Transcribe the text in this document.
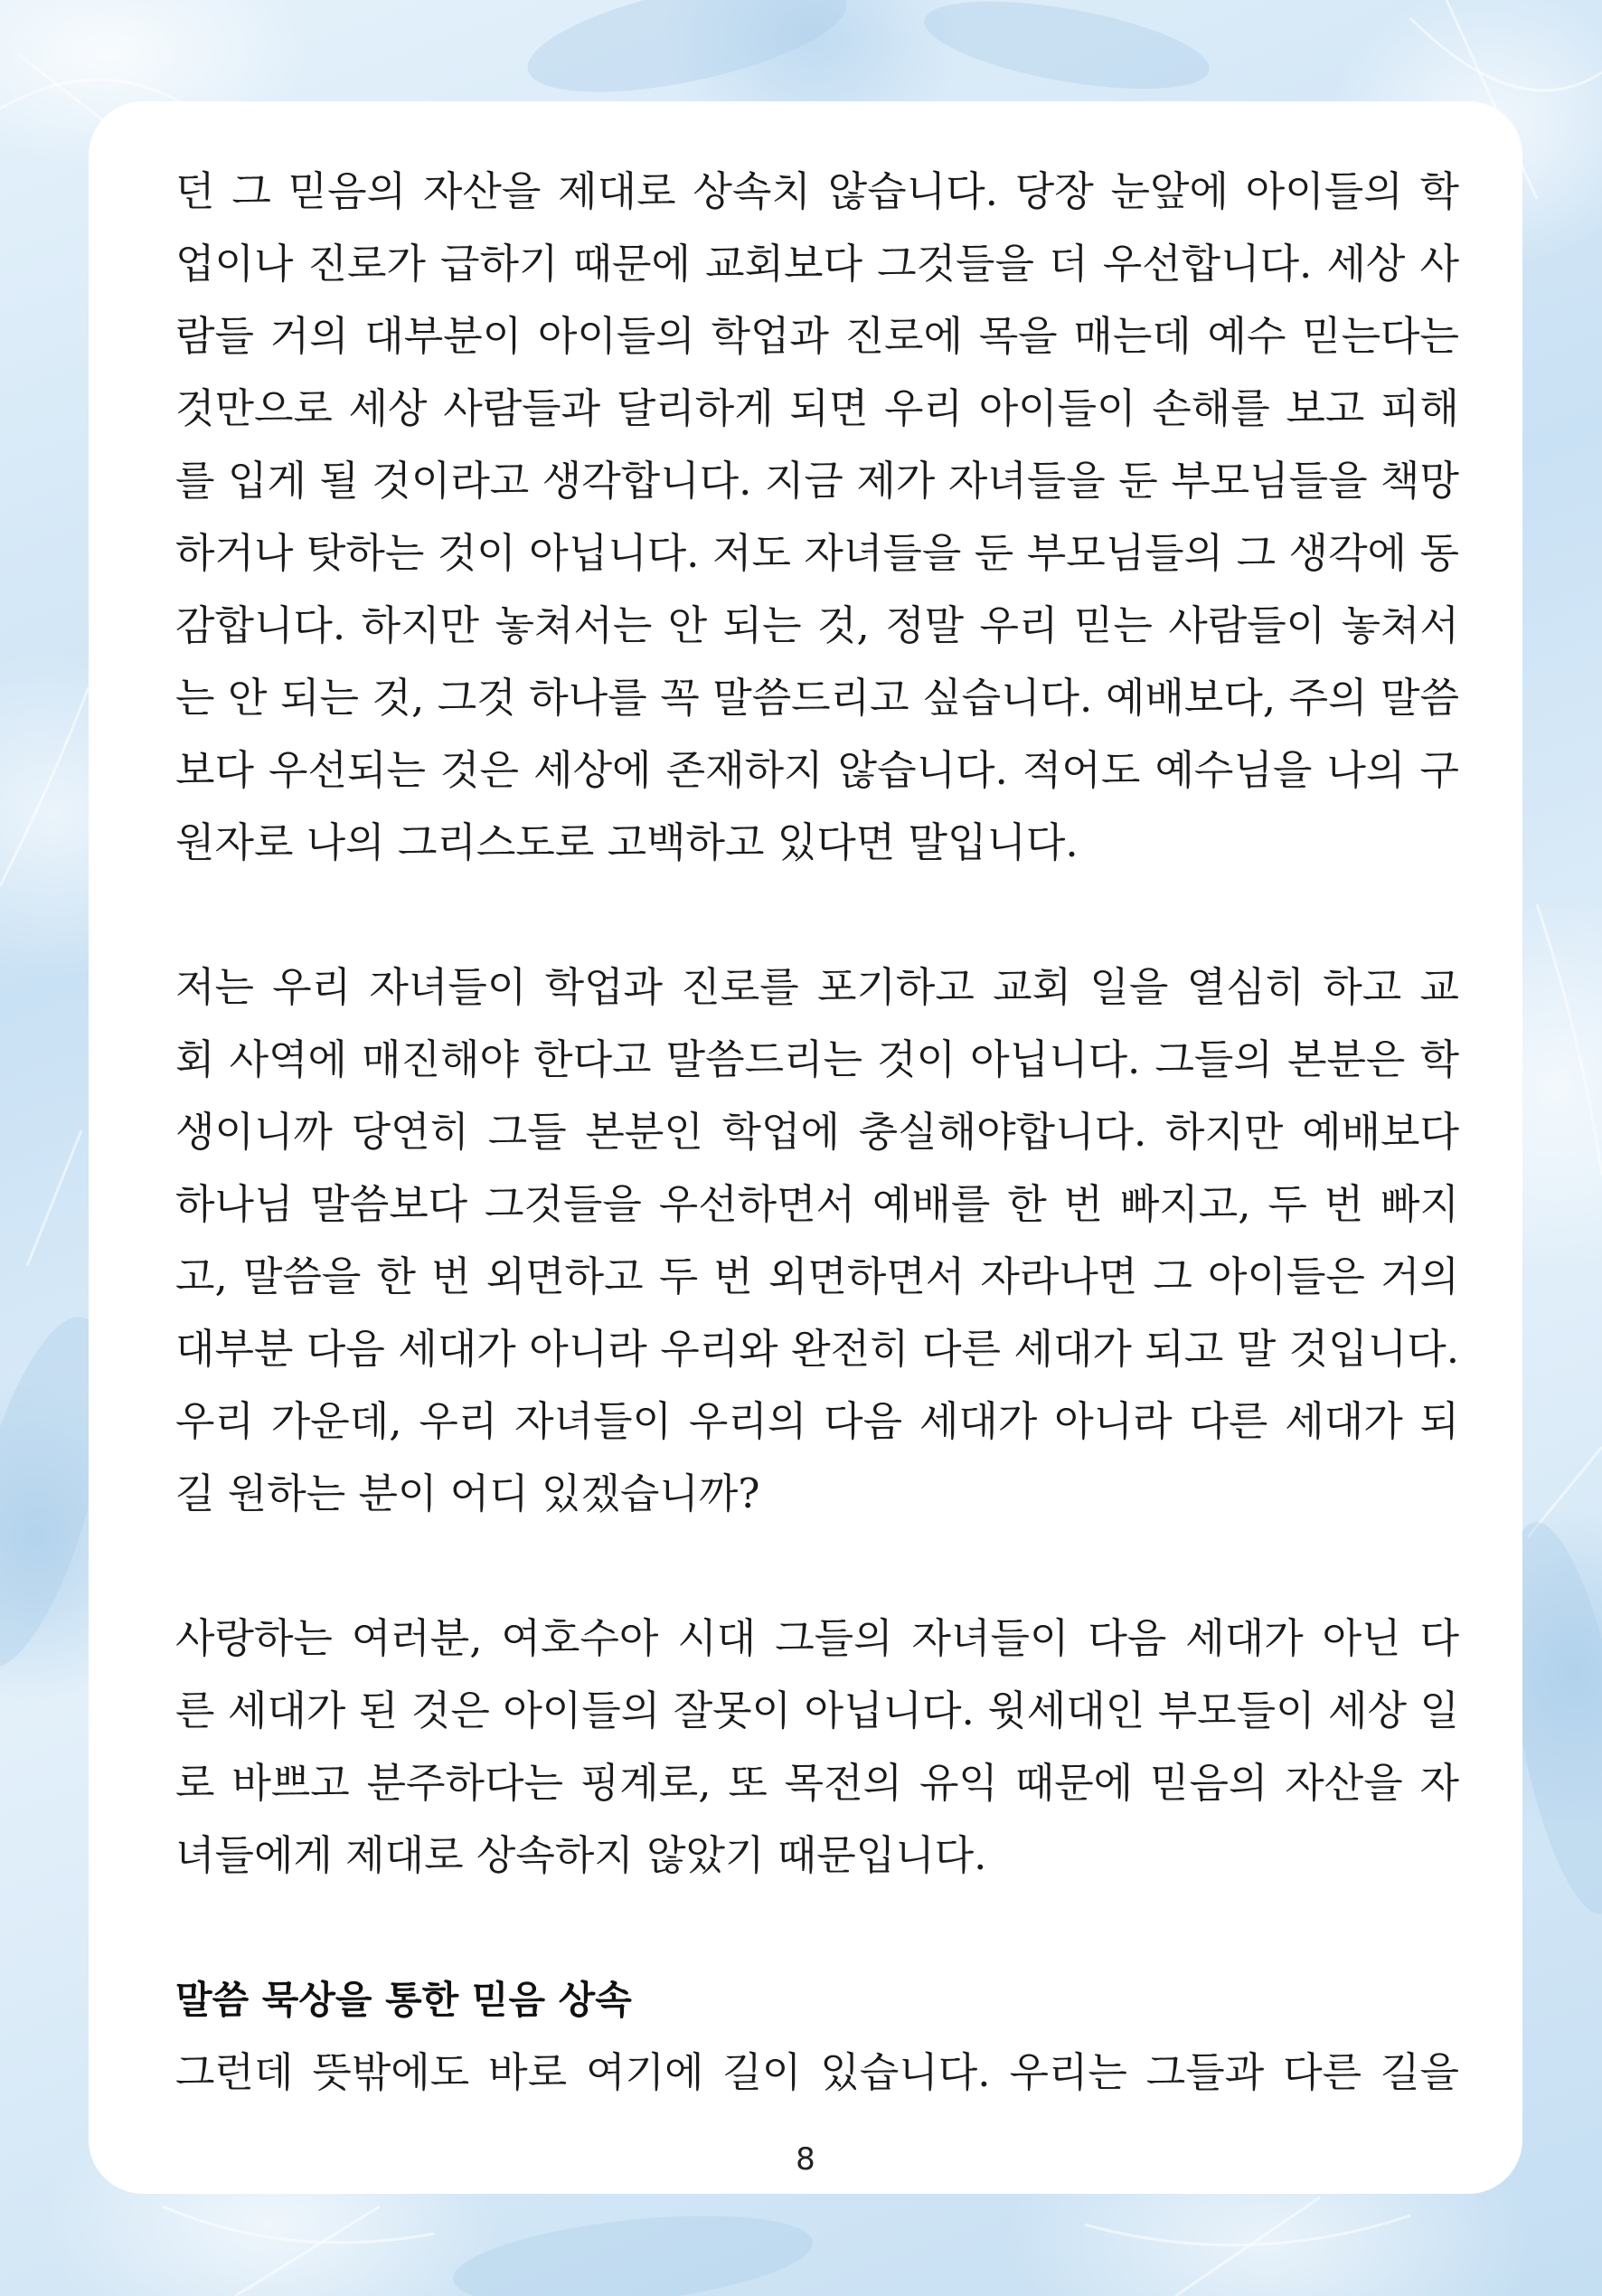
던 그 믿음의 자산을 제대로 상속치 않습니다. 당장 눈앞에 아이들의 학
업이나 진로가 급하기 때문에 교회보다 그것들을 더 우선합니다. 세상 사
람들 거의 대부분이 아이들의 학업과 진로에 목을 매는데 예수 믿는다는
것만으로 세상 사람들과 달리하게 되면 우리 아이들이 손해를 보고 피해
를 입게 될 것이라고 생각합니다. 지금 제가 자녀들을 둔 부모님들을 책망
하거나 탓하는 것이 아닙니다. 저도 자녀들을 둔 부모님들의 그 생각에 동
감합니다. 하지만 놓쳐서는 안 되는 것, 정말 우리 믿는 사람들이 놓쳐서
는 안 되는 것, 그것 하나를 꼭 말씀드리고 싶습니다. 예배보다, 주의 말씀
보다 우선되는 것은 세상에 존재하지 않습니다. 적어도 예수님을 나의 구
원자로 나의 그리스도로 고백하고 있다면 말입니다.
저는 우리 자녀들이 학업과 진로를 포기하고 교회 일을 열심히 하고 교
회 사역에 매진해야 한다고 말씀드리는 것이 아닙니다. 그들의 본분은 학
생이니까 당연히 그들 본분인 학업에 충실해야합니다. 하지만 예배보다
하나님 말씀보다 그것들을 우선하면서 예배를 한 번 빠지고, 두 번 빠지
고, 말씀을 한 번 외면하고 두 번 외면하면서 자라나면 그 아이들은 거의
대부분 다음 세대가 아니라 우리와 완전히 다른 세대가 되고 말 것입니다.
우리 가운데, 우리 자녀들이 우리의 다음 세대가 아니라 다른 세대가 되
길 원하는 분이 어디 있겠습니까?
사랑하는 여러분, 여호수아 시대 그들의 자녀들이 다음 세대가 아닌 다
른 세대가 된 것은 아이들의 잘못이 아닙니다. 윗세대인 부모들이 세상 일
로 바쁘고 분주하다는 핑계로, 또 목전의 유익 때문에 믿음의 자산을 자
녀들에게 제대로 상속하지 않았기 때문입니다.
말씀 묵상을 통한 믿음 상속
그런데 뜻밖에도 바로 여기에 길이 있습니다. 우리는 그들과 다른 길을
8
